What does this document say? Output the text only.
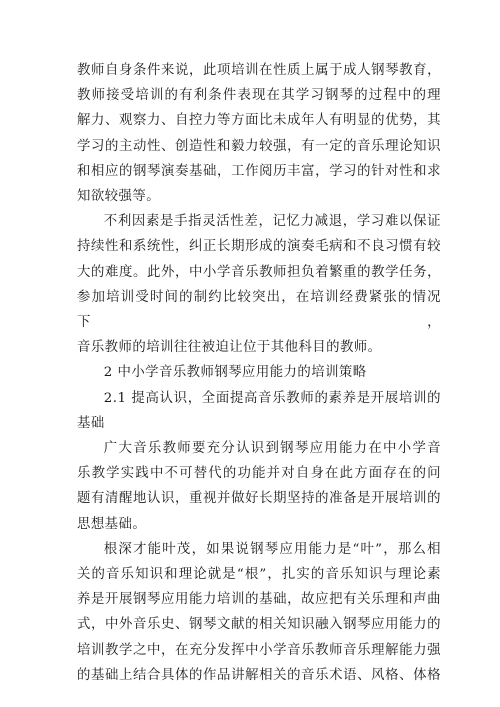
教师自身条件来说，此项培训在性质上属于成人钢琴教育，
教师接受培训的有利条件表现在其学习钢琴的过程中的理
解力、观察力、自控力等方面比未成年人有明显的优势，其
学习的主动性、创造性和毅力较强，有一定的音乐理论知识
和相应的钢琴演奏基础，工作阅历丰富，学习的针对性和求
知欲较强等。
不利因素是手指灵活性差，记忆力减退，学习难以保证
持续性和系统性，纠正长期形成的演奏毛病和不良习惯有较
大的难度。此外，中小学音乐教师担负着繁重的教学任务，
参加培训受时间的制约比较突出，在培训经费紧张的情况下，
音乐教师的培训往往被迫让位于其他科目的教师。
2 中小学音乐教师钢琴应用能力的培训策略
2.1 提高认识，全面提高音乐教师的素养是开展培训的
基础
广大音乐教师要充分认识到钢琴应用能力在中小学音
乐教学实践中不可替代的功能并对自身在此方面存在的问
题有清醒地认识，重视并做好长期坚持的准备是开展培训的
思想基础。
根深才能叶茂，如果说钢琴应用能力是“叶”，那么相
关的音乐知识和理论就是“根”，扎实的音乐知识与理论素
养是开展钢琴应用能力培训的基础，故应把有关乐理和声曲
式，中外音乐史、钢琴文献的相关知识融入钢琴应用能力的
培训教学之中，在充分发挥中小学音乐教师音乐理解能力强
的基础上结合具体的作品讲解相关的音乐术语、风格、体格
